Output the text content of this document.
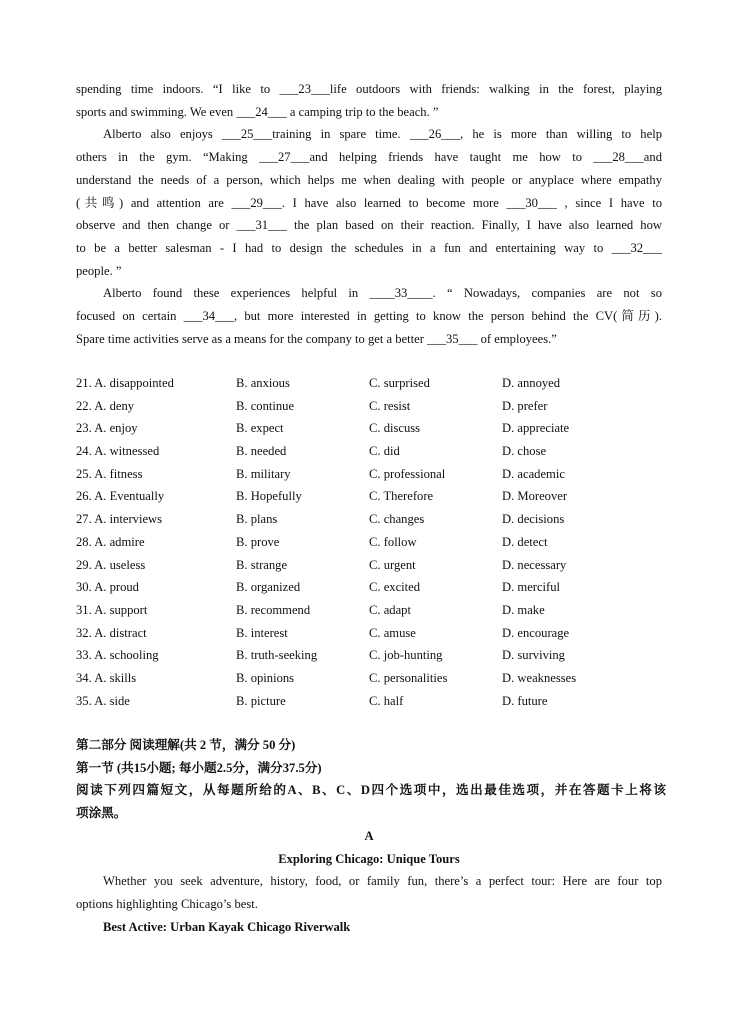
spending time indoors. “I like to ___23___life outdoors with friends: walking in the forest, playing

sports and swimming. We even ___24___ a camping trip to the beach. ”

Alberto also enjoys ___25___training in spare time. ___26___, he is more than willing to help

others in the gym. “Making ___27___and helping friends have taught me how to ___28___and

understand the needs of a person, which helps me when dealing with people or anyplace where empathy

(共鸣) and attention are ___29___. I have also learned to become more ___30___ , since I have to

observe and then change or ___31___ the plan based on their reaction. Finally, I have also learned how

to be a better salesman - I had to design the schedules in a fun and entertaining way to ___32___

people. ”

Alberto found these experiences helpful in ____33____. “ Nowadays, companies are not so

focused on certain ___34___, but more interested in getting to know the person behind the CV(简历).

Spare time activities serve as a means for the company to get a better ___35___ of employees.”

21. A. disappointed	B. anxious	C. surprised	D. annoyed
22. A. deny	B. continue	C. resist	D. prefer
23. A. enjoy	B. expect	C. discuss	D. appreciate
24. A. witnessed	B. needed	C. did	D. chose
25. A. fitness	B. military	C. professional	D. academic
26. A. Eventually	B. Hopefully	C. Therefore	D. Moreover
27. A. interviews	B. plans	C. changes	D. decisions
28. A. admire	B. prove	C. follow	D. detect
29. A. useless	B. strange	C. urgent	D. necessary
30. A. proud	B. organized	C. excited	D. merciful
31. A. support	B. recommend	C. adapt	D. make
32. A. distract	B. interest	C. amuse	D. encourage
33. A. schooling	B. truth-seeking	C. job-hunting	D. surviving
34. A. skills	B. opinions	C. personalities	D. weaknesses
35. A. side	B. picture	C. half	D. future

第二部分 阅读理解(共 2 节，满分 50 分)

第一节 (共15小题; 每小题2.5分，满分37.5分)

阅读下列四篇短文，从每题所给的A、B、C、D四个选项中，选出最佳选项，并在答题卡上将该

项涂黑。

A

Exploring Chicago: Unique Tours

Whether you seek adventure, history, food, or family fun, there’s a perfect tour: Here are four top

options highlighting Chicago’s best.

Best Active: Urban Kayak Chicago Riverwalk
